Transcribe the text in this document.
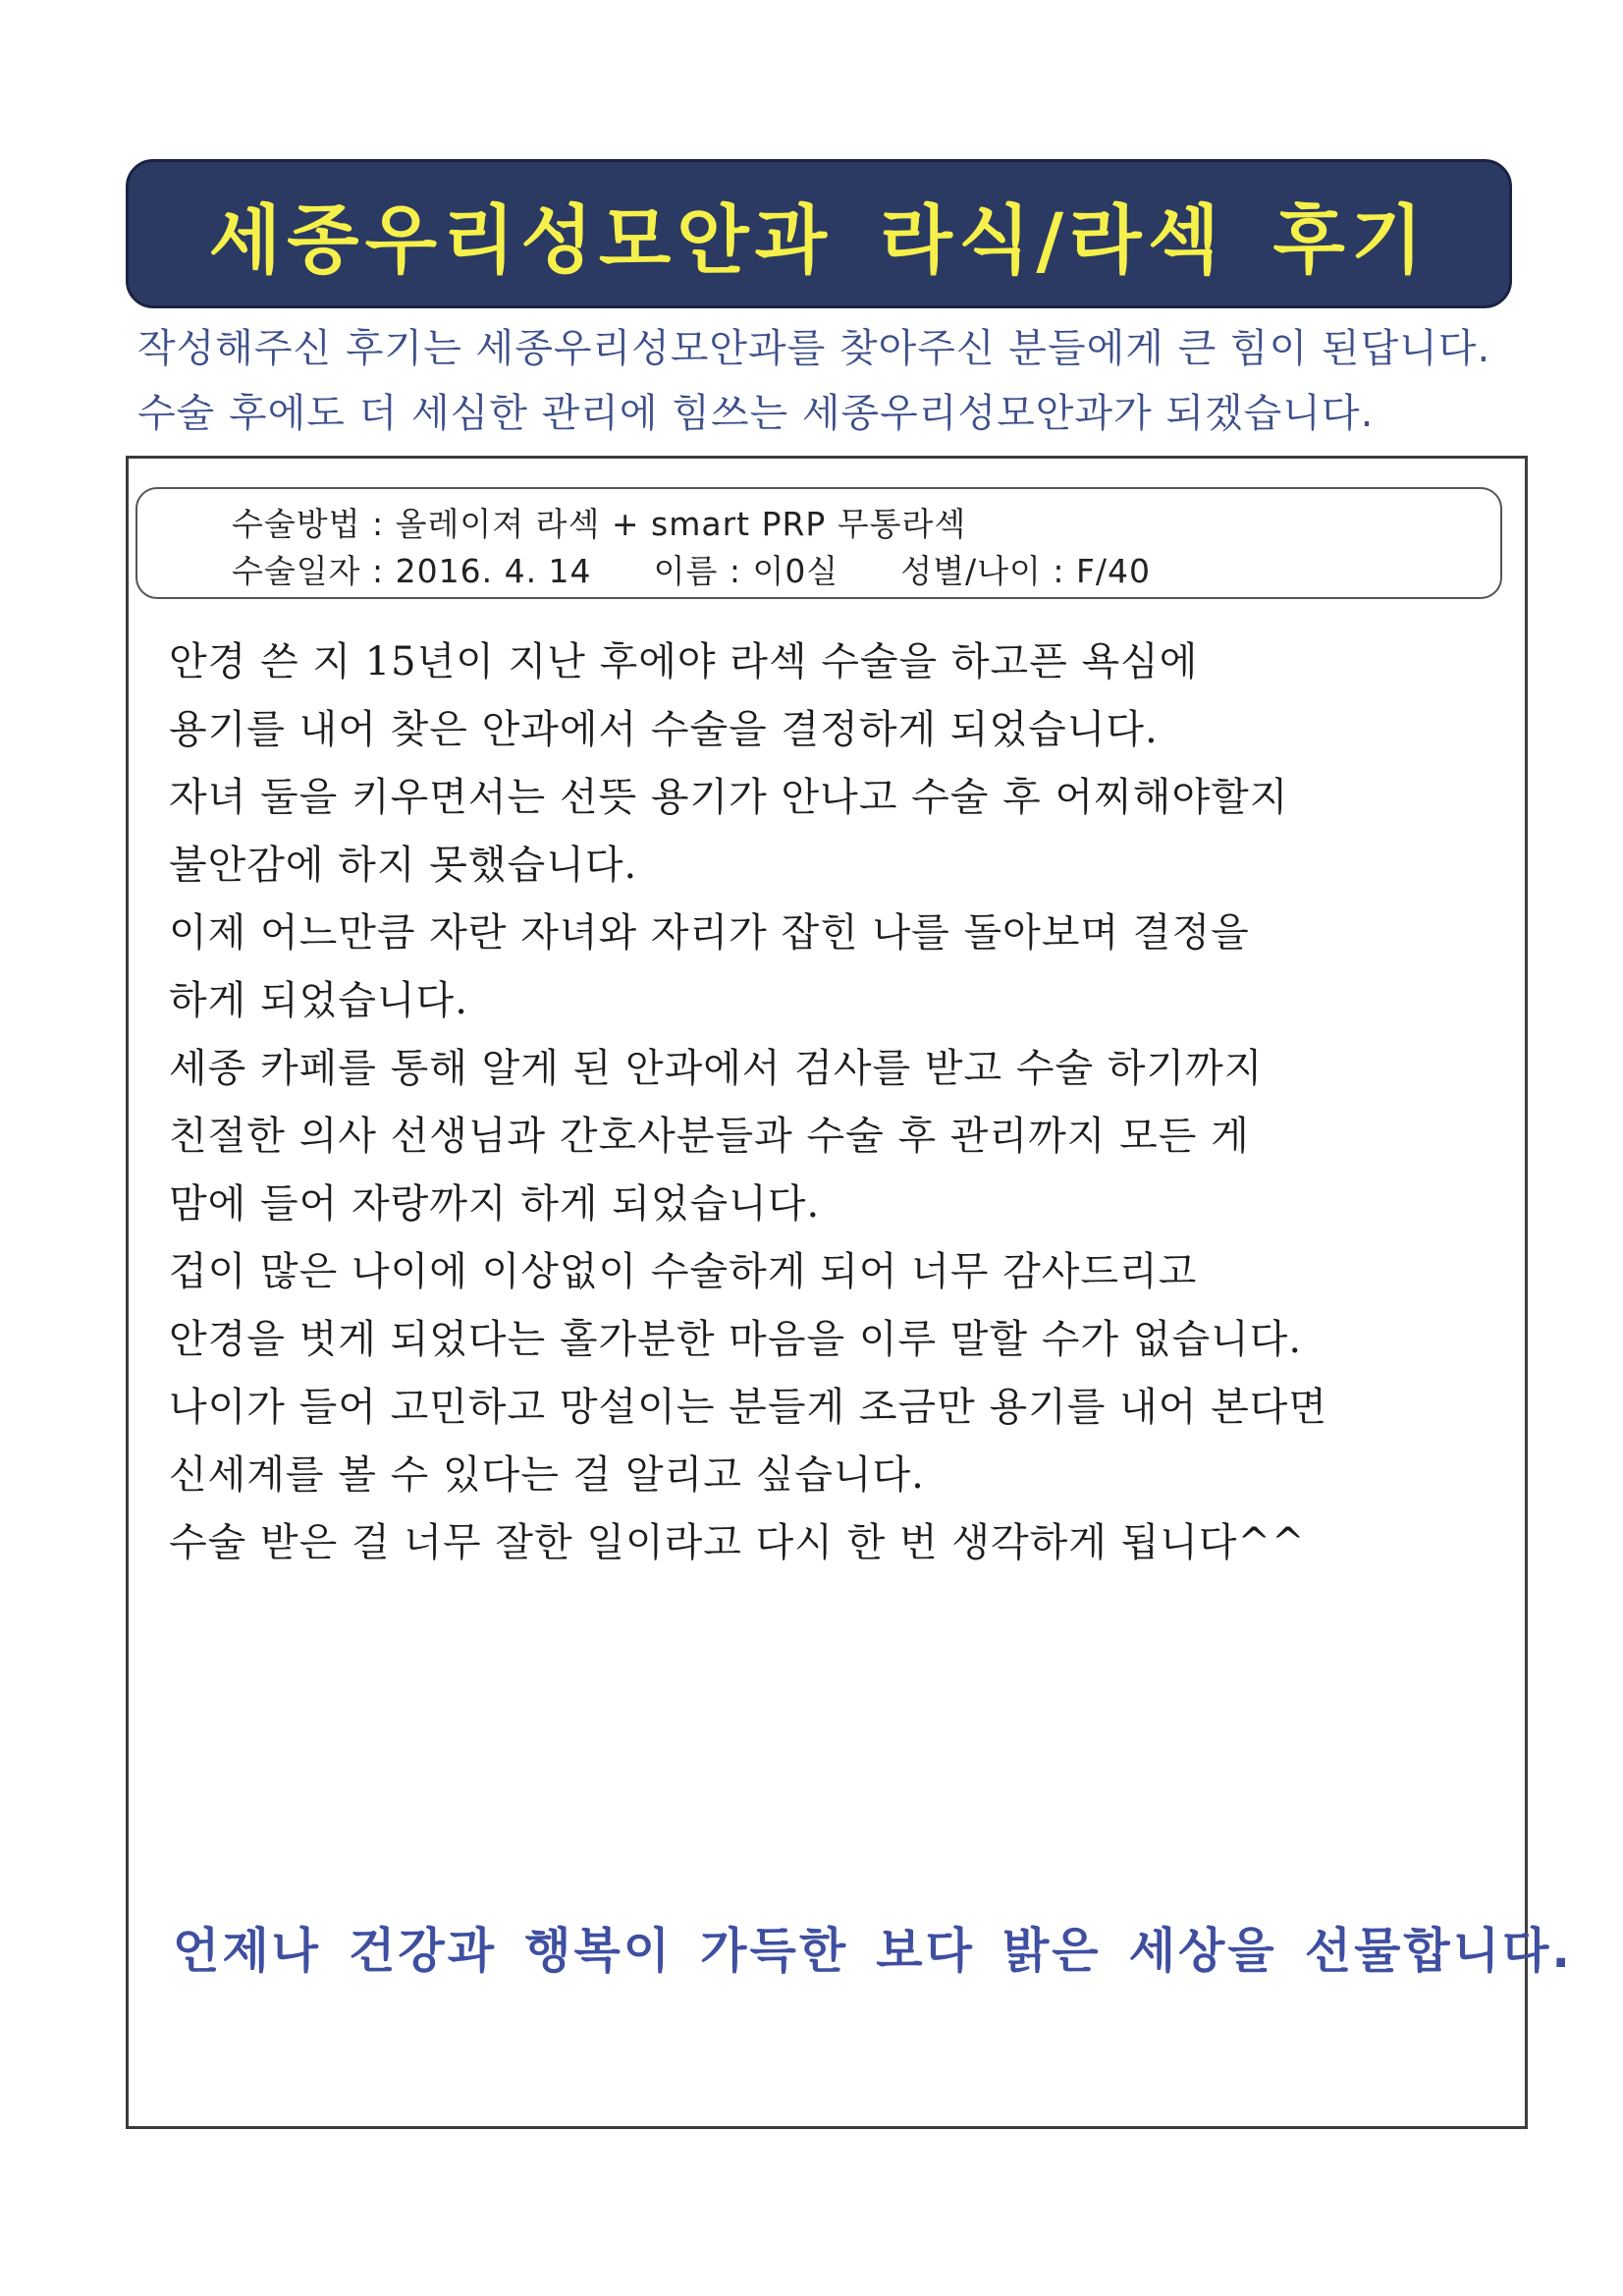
세종우리성모안과 라식/라섹 후기
작성해주신 후기는 세종우리성모안과를 찾아주신 분들에게 큰 힘이 된답니다.
수술 후에도 더 세심한 관리에 힘쓰는 세종우리성모안과가 되겠습니다.
수술방법 : 올레이져 라섹 + smart PRP 무통라섹
수술일자 : 2016. 4. 14 이름 : 이0실 성별/나이 : F/40
안경 쓴 지 15년이 지난 후에야 라섹 수술을 하고픈 욕심에
용기를 내어 찾은 안과에서 수술을 결정하게 되었습니다.
자녀 둘을 키우면서는 선뜻 용기가 안나고 수술 후 어찌해야할지
불안감에 하지 못했습니다.
이제 어느만큼 자란 자녀와 자리가 잡힌 나를 돌아보며 결정을
하게 되었습니다.
세종 카페를 통해 알게 된 안과에서 검사를 받고 수술 하기까지
친절한 의사 선생님과 간호사분들과 수술 후 관리까지 모든 게
맘에 들어 자랑까지 하게 되었습니다.
겁이 많은 나이에 이상없이 수술하게 되어 너무 감사드리고
안경을 벗게 되었다는 홀가분한 마음을 이루 말할 수가 없습니다.
나이가 들어 고민하고 망설이는 분들게 조금만 용기를 내어 본다면
신세계를 볼 수 있다는 걸 알리고 싶습니다.
수술 받은 걸 너무 잘한 일이라고 다시 한 번 생각하게 됩니다^^
언제나 건강과 행복이 가득한 보다 밝은 세상을 선물합니다.
